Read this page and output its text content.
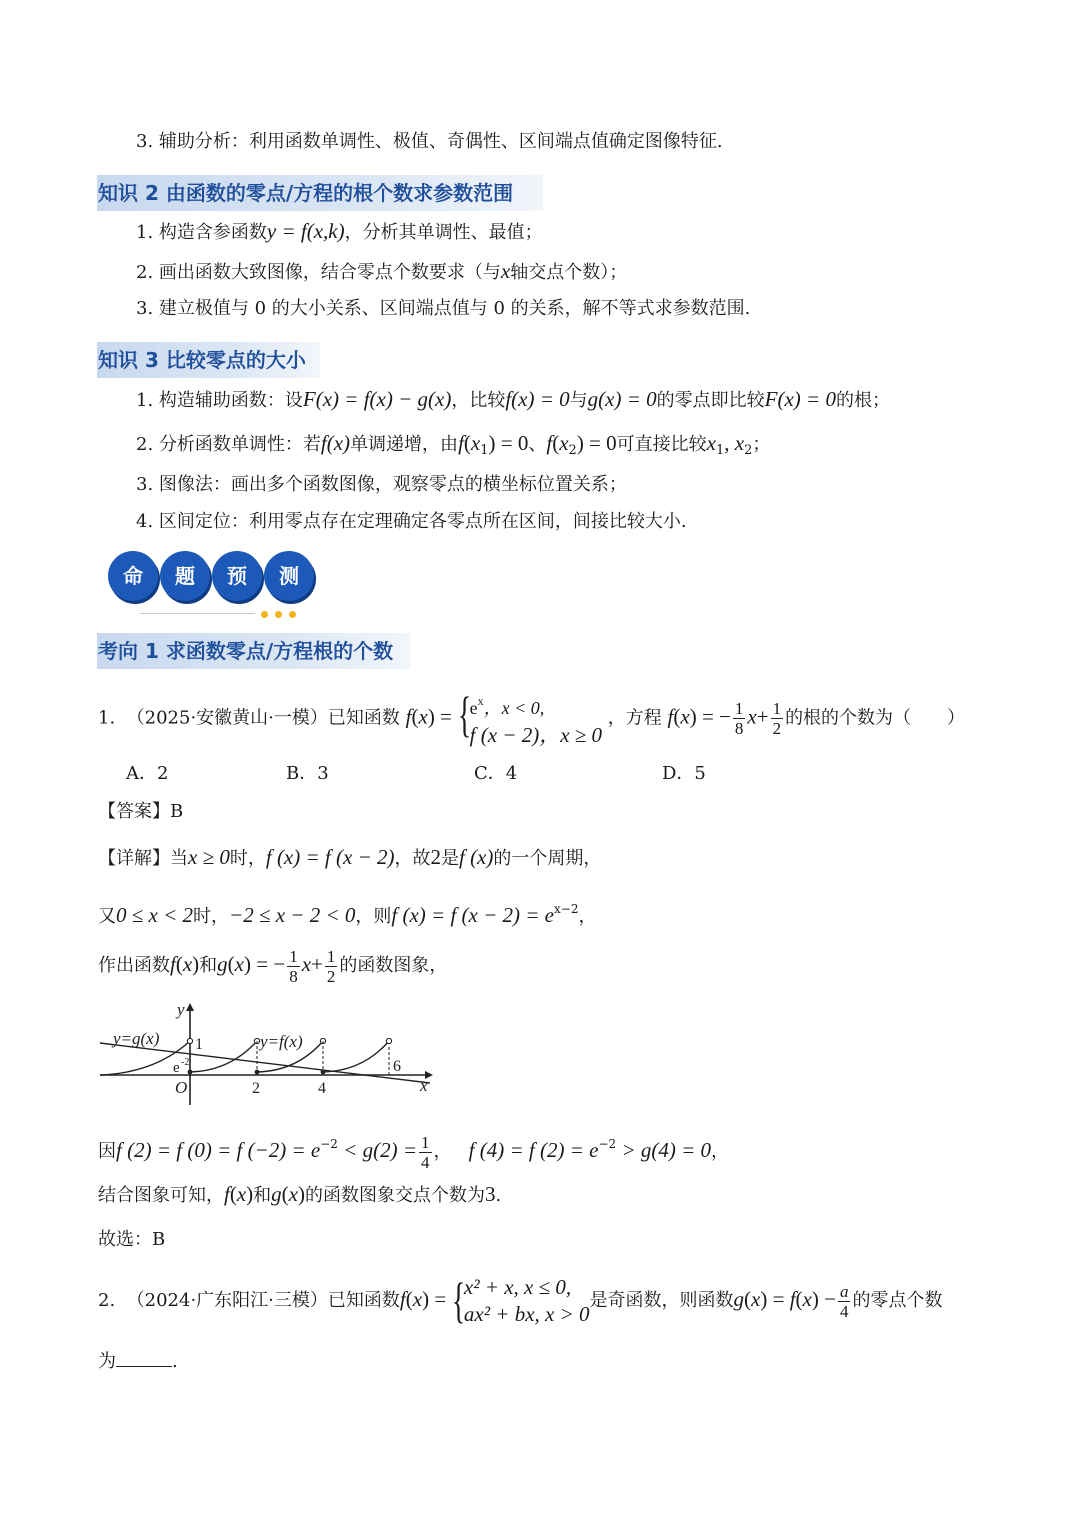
3. 辅助分析：利用函数单调性、极值、奇偶性、区间端点值确定图像特征.
知识 2 由函数的零点/方程的根个数求参数范围
1. 构造含参函数y = f(x,k)，分析其单调性、最值；
2. 画出函数大致图像，结合零点个数要求（与x轴交点个数）；
3. 建立极值与 0 的大小关系、区间端点值与 0 的关系，解不等式求参数范围.
知识 3 比较零点的大小
1. 构造辅助函数：设F(x) = f(x) − g(x)，比较f(x) = 0与g(x) = 0的零点即比较F(x) = 0的根；
2. 分析函数单调性：若f(x)单调递增，由$f(x_1) = 0$、$f(x_2) = 0$可直接比较$x_1$, $x_2$；
3. 图像法：画出多个函数图像，观察零点的横坐标位置关系；
4. 区间定位：利用零点存在定理确定各零点所在区间，间接比较大小.
命	题	预	测
考向 1 求函数零点/方程根的个数
1. （2025·安徽黄山·一模）已知函数 f(x) = {
$e^x$，x < 0,
f (x − 2)，x ≥ 0
，方程 f(x) = − $\frac{1}{8} x+ \frac{1}{2}$ 的根的个数为（　　）
A．2	B．3	C．4	D．5
【答案】B
【详解】当x ≥ 0时，f (x) = f (x − 2)，故2是f (x)的一个周期，
又0 ≤ x < 2时，−2 ≤ x − 2 < 0，则f (x) = f $(x - 2) = e^{x-2}$，
作出函数f(x)和g(x) = − $\frac{1}{8} x+ \frac{1}{2}$ 的函数图象，
y=g(x)	y=f(x)
y
x
O
1
e -2
2	4
6
因f (2) = f (0) = f $(-2) = e^{-2} < g(2) = \frac{1}{4}$ ，   f (4) = f $(2) = e^{-2} > g(4) = 0$，
结合图象可知，f(x)和g(x)的函数图象交点个数为3.
故选：B
2. （2024·广东阳江·三模）已知函数f(x) = {
x² + x, x ≤ 0,
ax² + bx, x > 0
是奇函数，则函数$g(x) = f(x) - \frac{a}{4}$ 的零点个数
为	.
